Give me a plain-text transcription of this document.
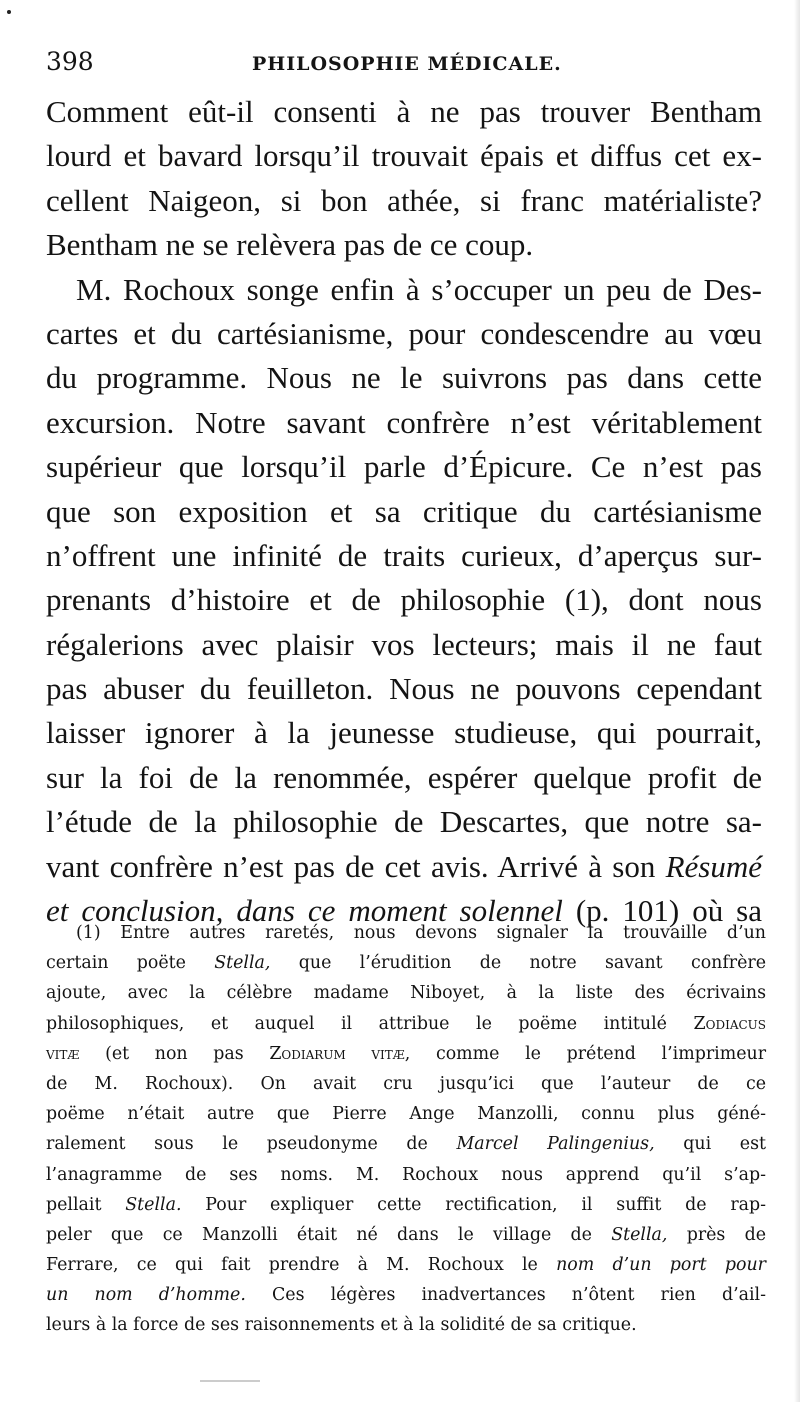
398	PHILOSOPHIE MÉDICALE.
Comment eût-il consenti à ne pas trouver Bentham
lourd et bavard lorsqu’il trouvait épais et diffus cet ex-
cellent Naigeon, si bon athée, si franc matérialiste?
Bentham ne se relèvera pas de ce coup.
M. Rochoux songe enfin à s’occuper un peu de Des-
cartes et du cartésianisme, pour condescendre au vœu
du programme. Nous ne le suivrons pas dans cette
excursion. Notre savant confrère n’est véritablement
supérieur que lorsqu’il parle d’Épicure. Ce n’est pas
que son exposition et sa critique du cartésianisme
n’offrent une infinité de traits curieux, d’aperçus sur-
prenants d’histoire et de philosophie (1), dont nous
régalerions avec plaisir vos lecteurs; mais il ne faut
pas abuser du feuilleton. Nous ne pouvons cependant
laisser ignorer à la jeunesse studieuse, qui pourrait,
sur la foi de la renommée, espérer quelque profit de
l’étude de la philosophie de Descartes, que notre sa-
vant confrère n’est pas de cet avis. Arrivé à son Résumé
et conclusion, dans ce moment solennel (p. 101) où sa
(1) Entre autres raretés, nous devons signaler la trouvaille d’un
certain poëte Stella, que l’érudition de notre savant confrère
ajoute, avec la célèbre madame Niboyet, à la liste des écrivains
philosophiques, et auquel il attribue le poëme intitulé Zodiacus
vitæ (et non pas Zodiarum vitæ, comme le prétend l’imprimeur
de M. Rochoux). On avait cru jusqu’ici que l’auteur de ce
poëme n’était autre que Pierre Ange Manzolli, connu plus géné-
ralement sous le pseudonyme de Marcel Palingenius, qui est
l’anagramme de ses noms. M. Rochoux nous apprend qu’il s’ap-
pellait Stella. Pour expliquer cette rectification, il suffit de rap-
peler que ce Manzolli était né dans le village de Stella, près de
Ferrare, ce qui fait prendre à M. Rochoux le nom d’un port pour
un nom d’homme. Ces légères inadvertances n’ôtent rien d’ail-
leurs à la force de ses raisonnements et à la solidité de sa critique.
